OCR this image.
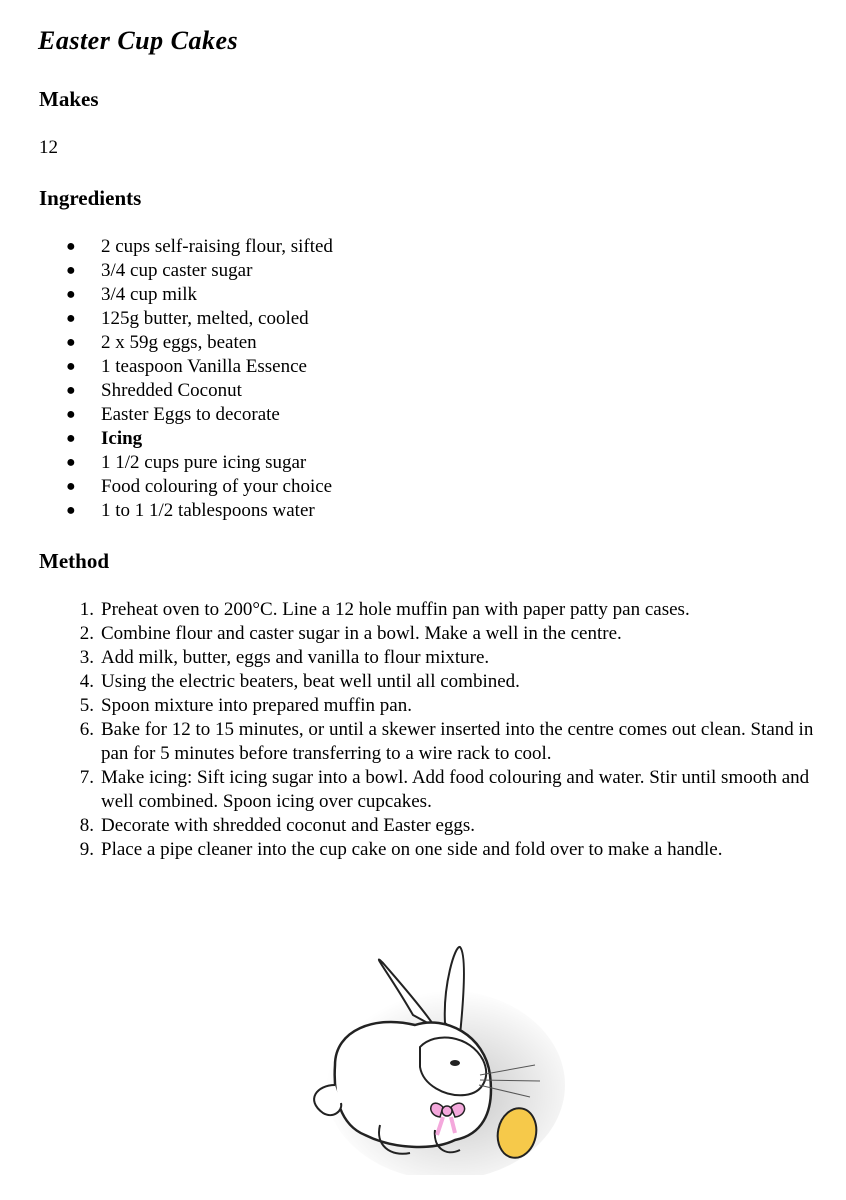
Easter Cup Cakes
Makes
12
Ingredients
● 2 cups self-raising flour, sifted
● 3/4 cup caster sugar
● 3/4 cup milk
● 125g butter, melted, cooled
● 2 x 59g eggs, beaten
● 1 teaspoon Vanilla Essence
● Shredded Coconut
● Easter Eggs to decorate
● Icing
● 1 1/2 cups pure icing sugar
● Food colouring of your choice
● 1 to 1 1/2 tablespoons water
Method
1. Preheat oven to 200°C. Line a 12 hole muffin pan with paper patty pan cases.
2. Combine flour and caster sugar in a bowl. Make a well in the centre.
3. Add milk, butter, eggs and vanilla to flour mixture.
4. Using the electric beaters, beat well until all combined.
5. Spoon mixture into prepared muffin pan.
6. Bake for 12 to 15 minutes, or until a skewer inserted into the centre comes out clean. Stand in pan for 5 minutes before transferring to a wire rack to cool.
7. Make icing: Sift icing sugar into a bowl. Add food colouring and water. Stir until smooth and well combined. Spoon icing over cupcakes.
8. Decorate with shredded coconut and Easter eggs.
9. Place a pipe cleaner into the cup cake on one side and fold over to make a handle.
